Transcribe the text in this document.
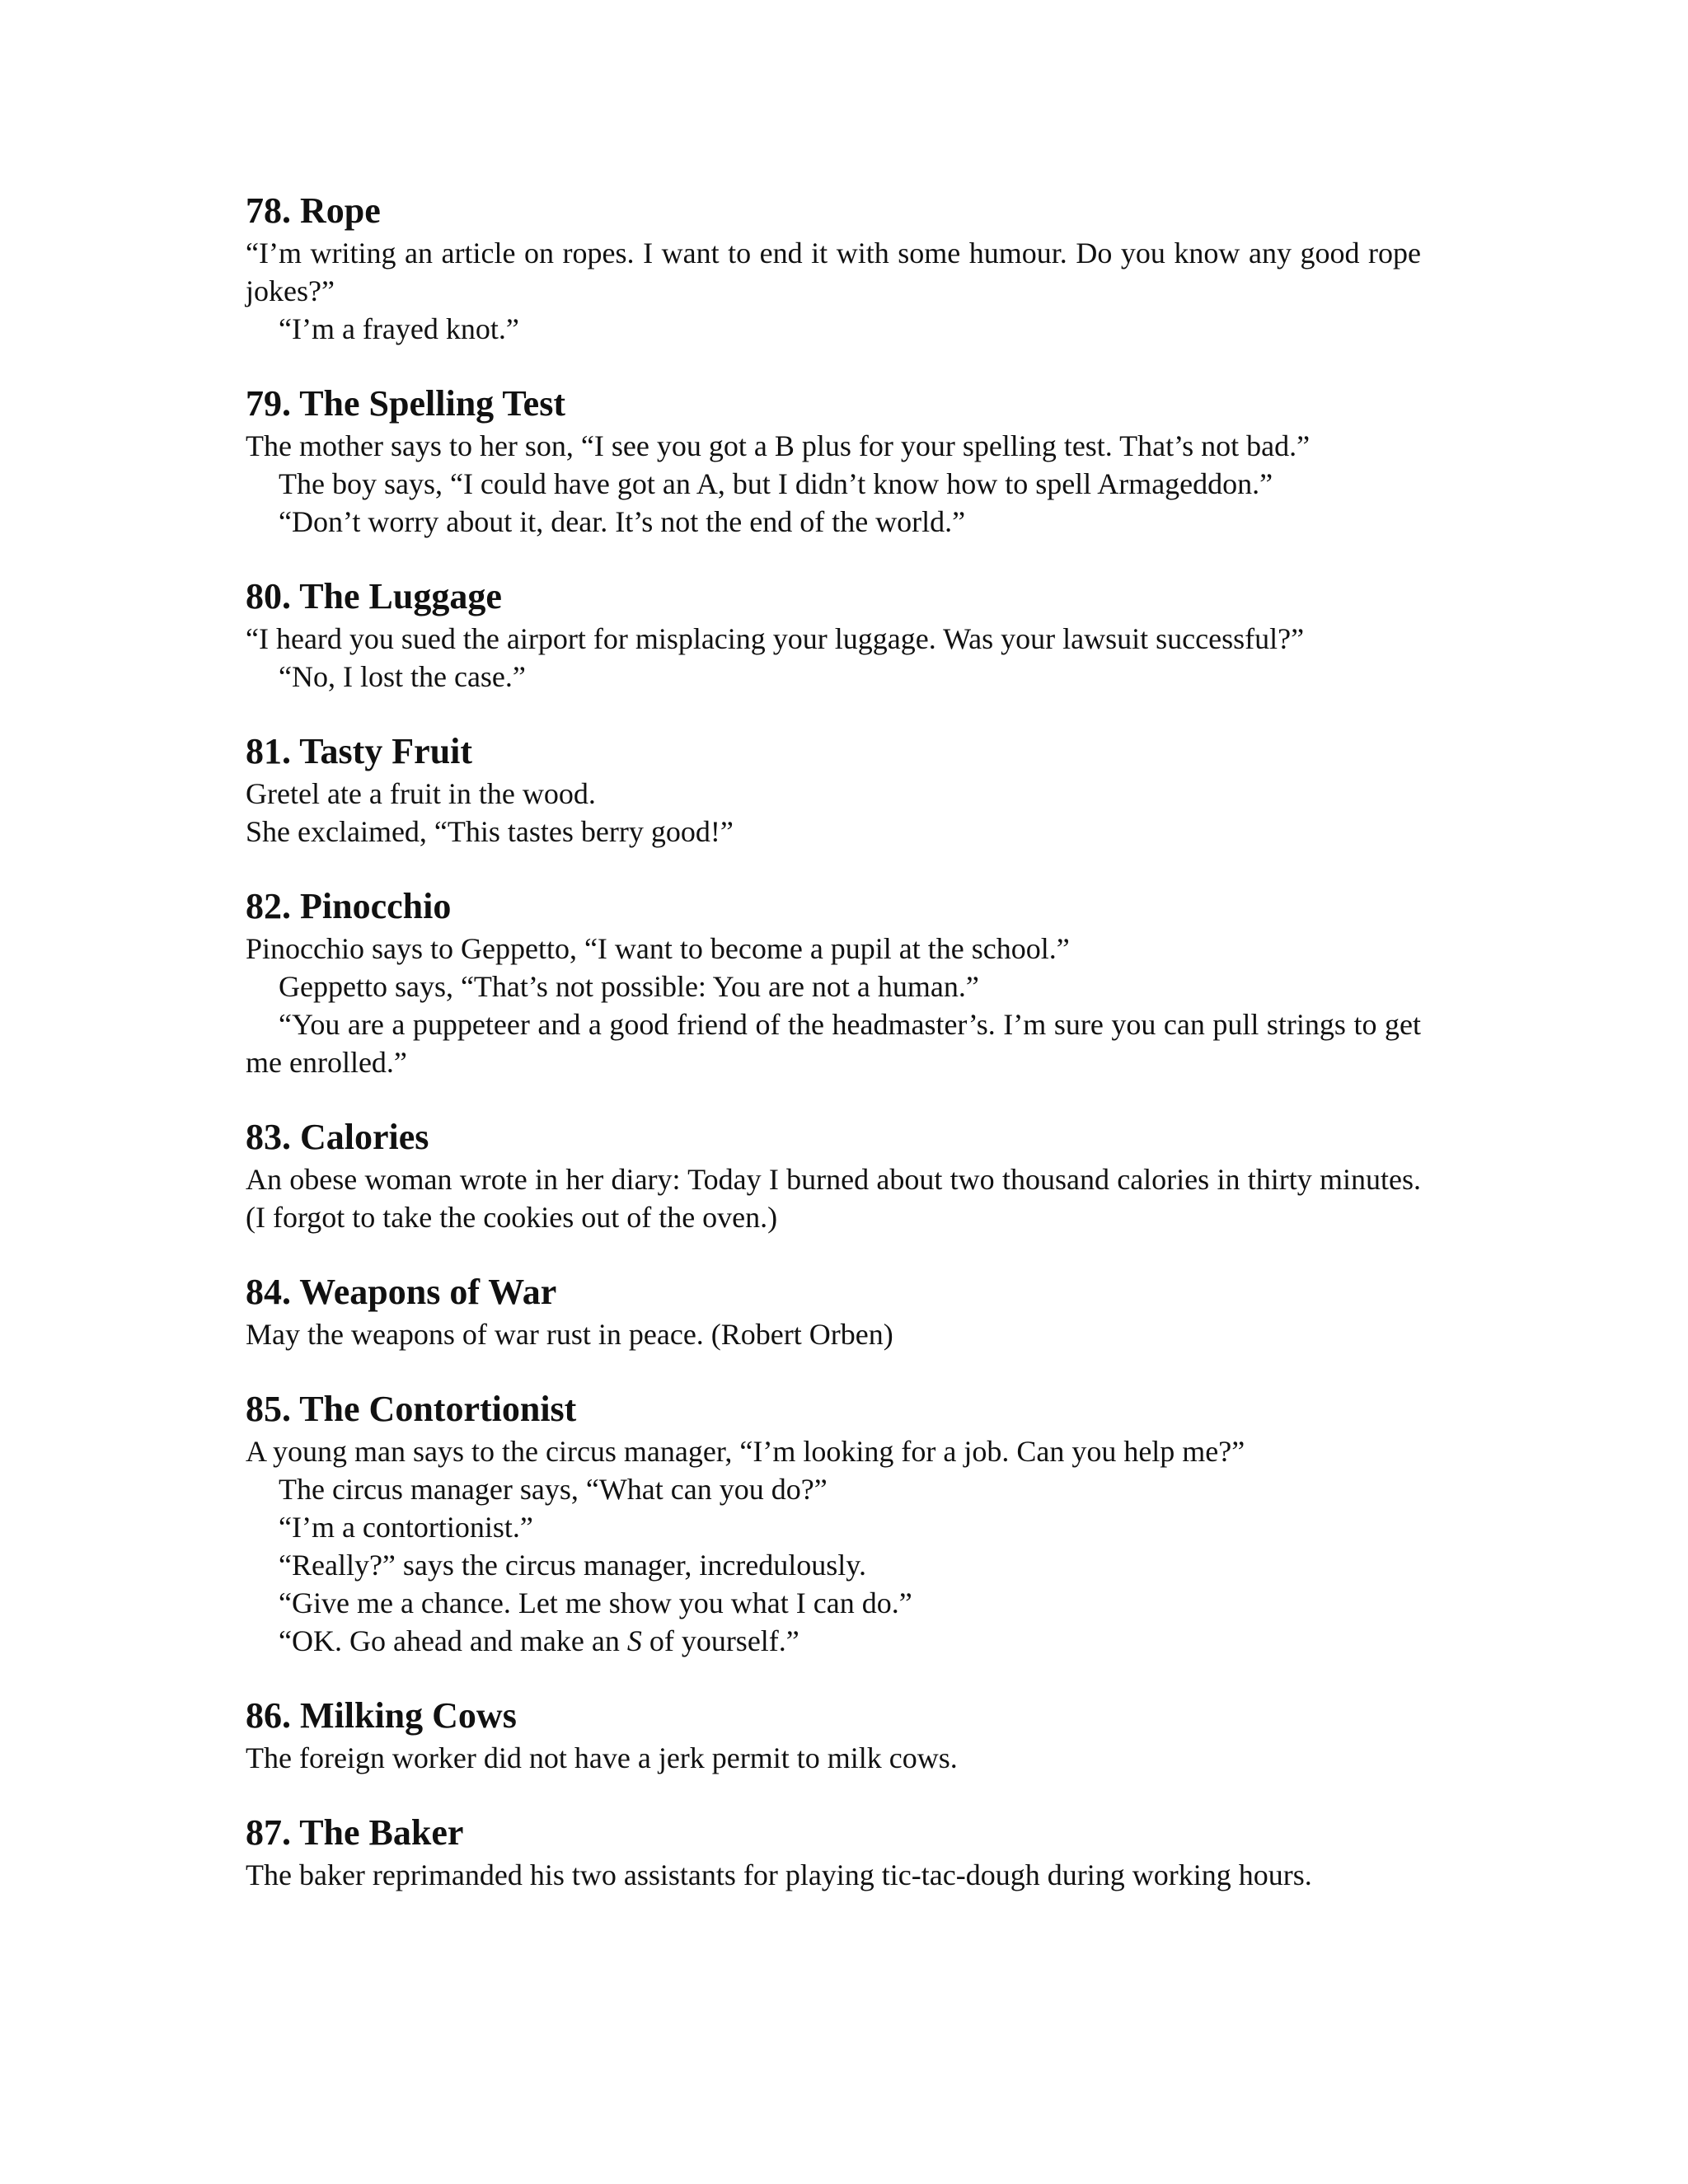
78. Rope

“I’m writing an article on ropes. I want to end it with some humour. Do you know any good rope jokes?”

“I’m a frayed knot.”

79. The Spelling Test

The mother says to her son, “I see you got a B plus for your spelling test. That’s not bad.”

The boy says, “I could have got an A, but I didn’t know how to spell Armageddon.”

“Don’t worry about it, dear. It’s not the end of the world.”

80. The Luggage

“I heard you sued the airport for misplacing your luggage. Was your lawsuit successful?”

“No, I lost the case.”

81. Tasty Fruit

Gretel ate a fruit in the wood.

She exclaimed, “This tastes berry good!”

82. Pinocchio

Pinocchio says to Geppetto, “I want to become a pupil at the school.”

Geppetto says, “That’s not possible: You are not a human.”

“You are a puppeteer and a good friend of the headmaster’s. I’m sure you can pull strings to get me enrolled.”

83. Calories

An obese woman wrote in her diary: Today I burned about two thousand calories in thirty minutes. (I forgot to take the cookies out of the oven.)

84. Weapons of War

May the weapons of war rust in peace. (Robert Orben)

85. The Contortionist

A young man says to the circus manager, “I’m looking for a job. Can you help me?”

The circus manager says, “What can you do?”

“I’m a contortionist.”

“Really?” says the circus manager, incredulously.

“Give me a chance. Let me show you what I can do.”

“OK. Go ahead and make an S of yourself.”

86. Milking Cows

The foreign worker did not have a jerk permit to milk cows.

87. The Baker

The baker reprimanded his two assistants for playing tic-tac-dough during working hours.
